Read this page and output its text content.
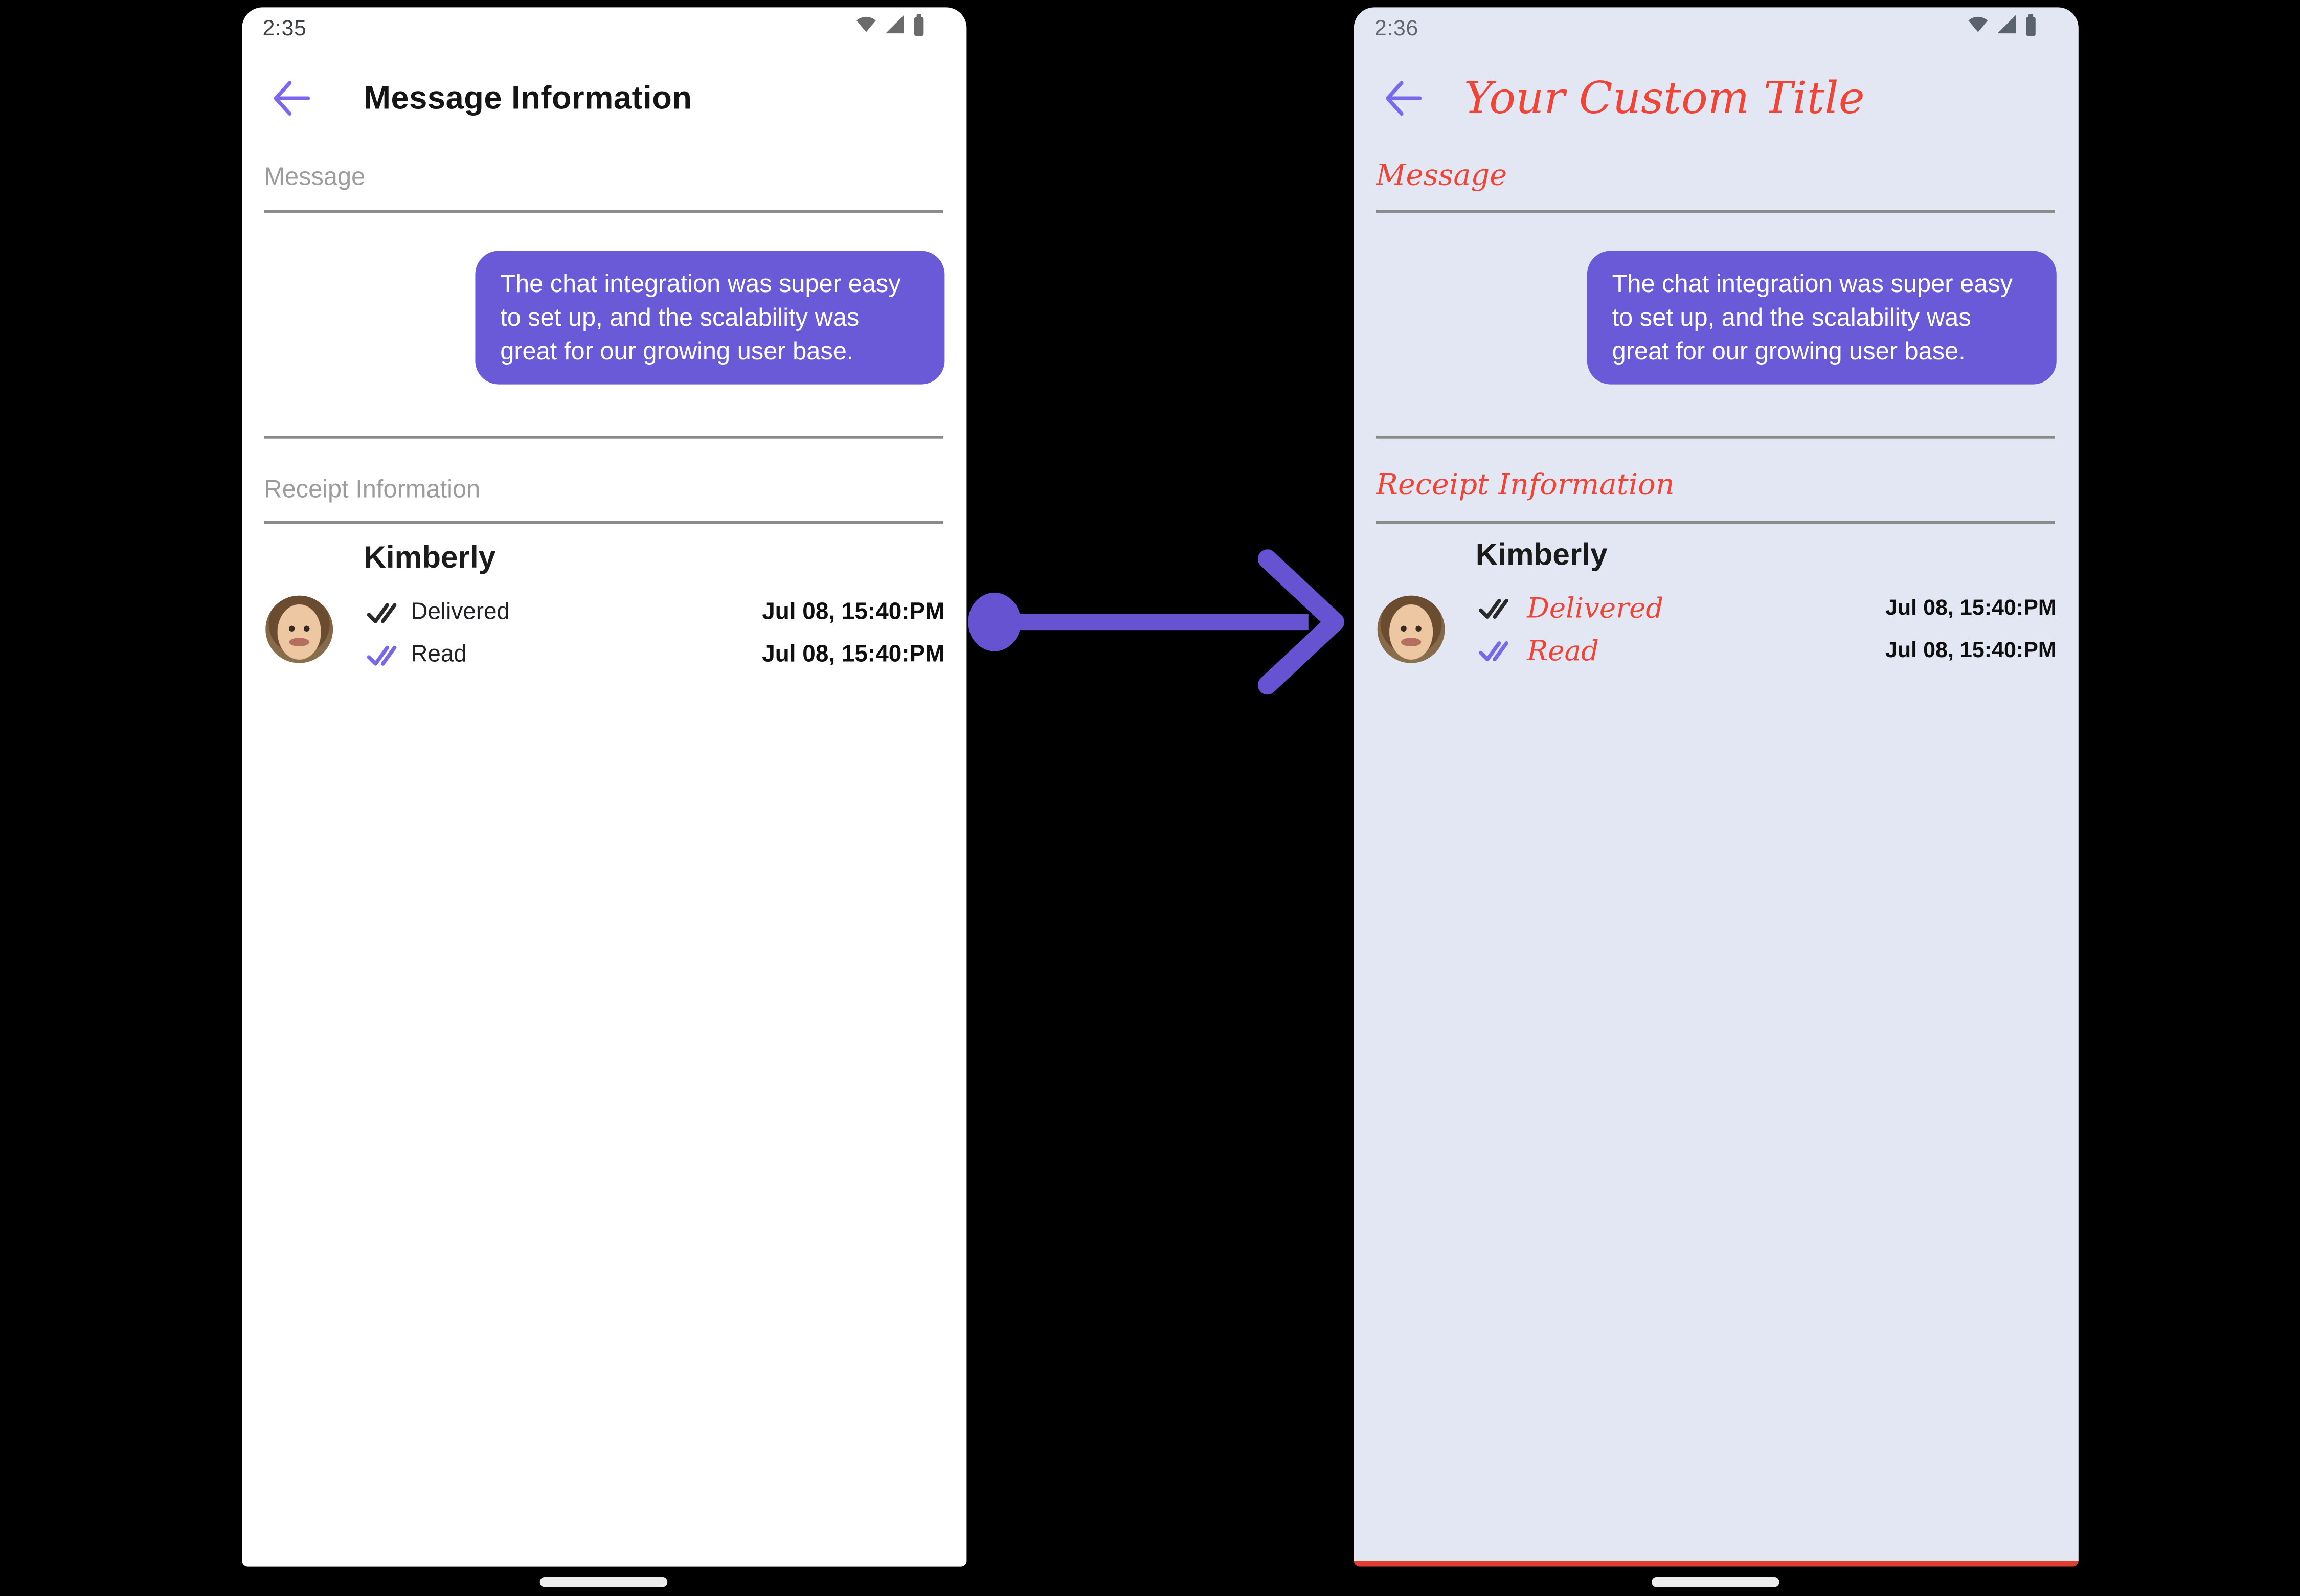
2:35
Message Information
Message
The chat integration was super easy to set up, and the scalability was great for our growing user base.
Receipt Information
Kimberly
Delivered	Jul 08, 15:40:PM
Read	Jul 08, 15:40:PM
2:36
Your Custom Title
Message
The chat integration was super easy to set up, and the scalability was great for our growing user base.
Receipt Information
Kimberly
Delivered	Jul 08, 15:40:PM
Read	Jul 08, 15:40:PM
